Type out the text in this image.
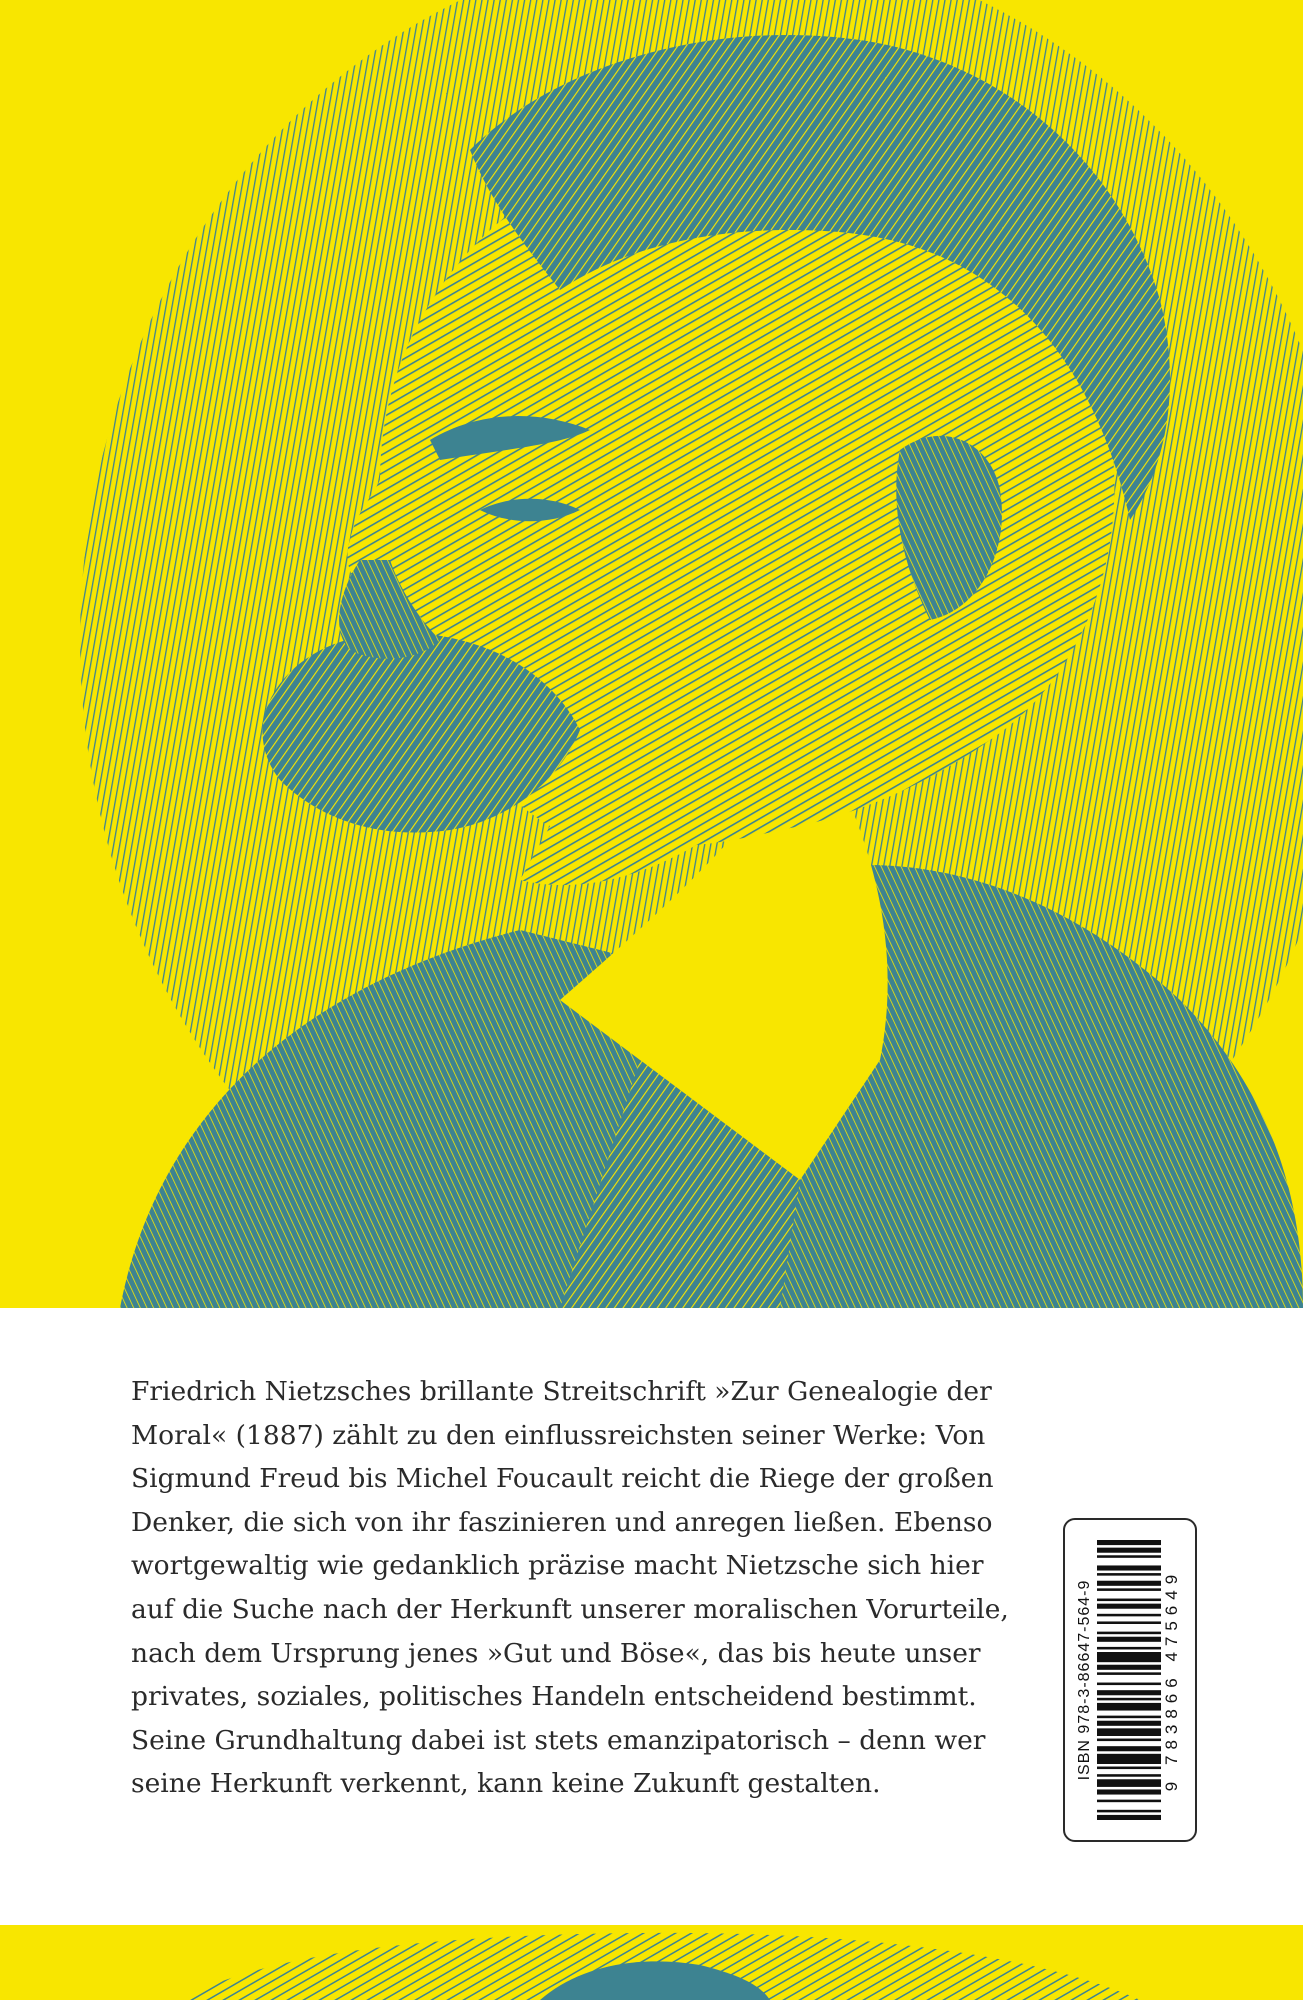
Friedrich Nietzsches brillante Streitschrift »Zur Genealogie der
Moral« (1887) zählt zu den einflussreichsten seiner Werke: Von
Sigmund Freud bis Michel Foucault reicht die Riege der großen
Denker, die sich von ihr faszinieren und anregen ließen. Ebenso
wortgewaltig wie gedanklich präzise macht Nietzsche sich hier
auf die Suche nach der Herkunft unserer moralischen Vorurteile,
nach dem Ursprung jenes »Gut und Böse«, das bis heute unser
privates, soziales, politisches Handeln entscheidend bestimmt.
Seine Grundhaltung dabei ist stets emanzipatorisch – denn wer
seine Herkunft verkennt, kann keine Zukunft gestalten.
ISBN 978-3-86647-564-9	9 783866 475649
